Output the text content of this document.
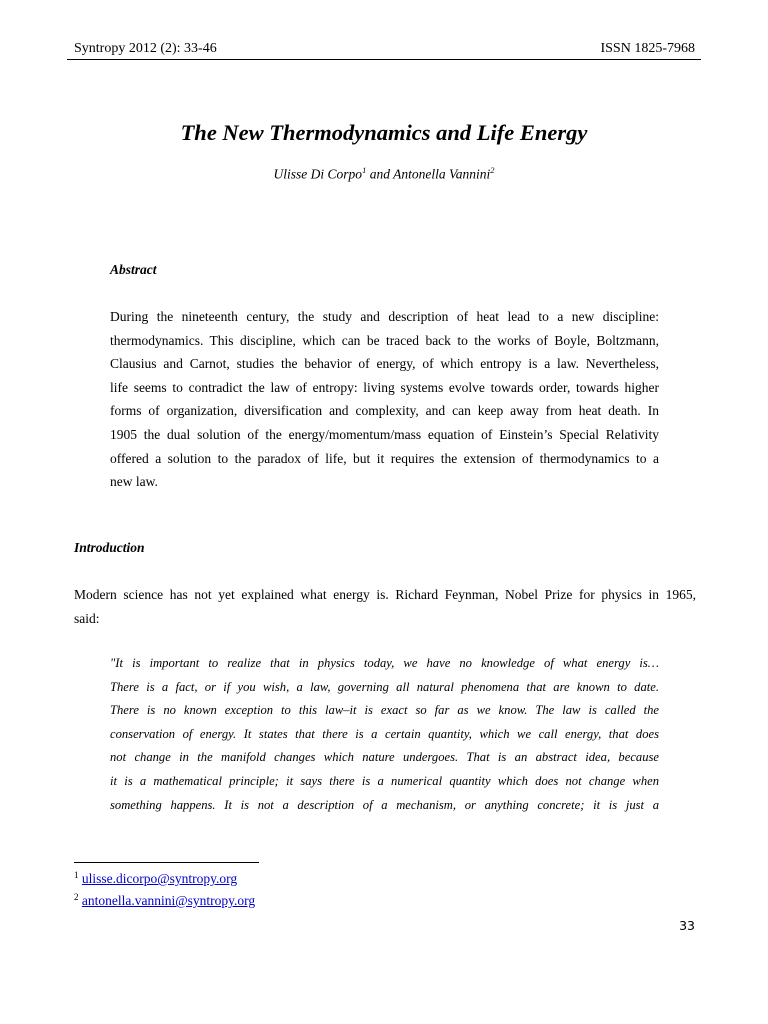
Syntropy 2012 (2): 33-46	ISSN 1825-7968
The New Thermodynamics and Life Energy
Ulisse Di Corpo$^1$ and Antonella Vannini$^2$
Abstract
During the nineteenth century, the study and description of heat lead to a new discipline:
thermodynamics. This discipline, which can be traced back to the works of Boyle, Boltzmann,
Clausius and Carnot, studies the behavior of energy, of which entropy is a law. Nevertheless,
life seems to contradict the law of entropy: living systems evolve towards order, towards higher
forms of organization, diversification and complexity, and can keep away from heat death. In
1905 the dual solution of the energy/momentum/mass equation of Einstein’s Special Relativity
offered a solution to the paradox of life, but it requires the extension of thermodynamics to a
new law.
Introduction
Modern science has not yet explained what energy is. Richard Feynman, Nobel Prize for physics in 1965,
said:
"It is important to realize that in physics today, we have no knowledge of what energy is…
There is a fact, or if you wish, a law, governing all natural phenomena that are known to date.
There is no known exception to this law–it is exact so far as we know. The law is called the
conservation of energy. It states that there is a certain quantity, which we call energy, that does
not change in the manifold changes which nature undergoes. That is an abstract idea, because
it is a mathematical principle; it says there is a numerical quantity which does not change when
something happens. It is not a description of a mechanism, or anything concrete; it is just a
$^1$ ulisse.dicorpo@syntropy.org
$^2$ antonella.vannini@syntropy.org
33
